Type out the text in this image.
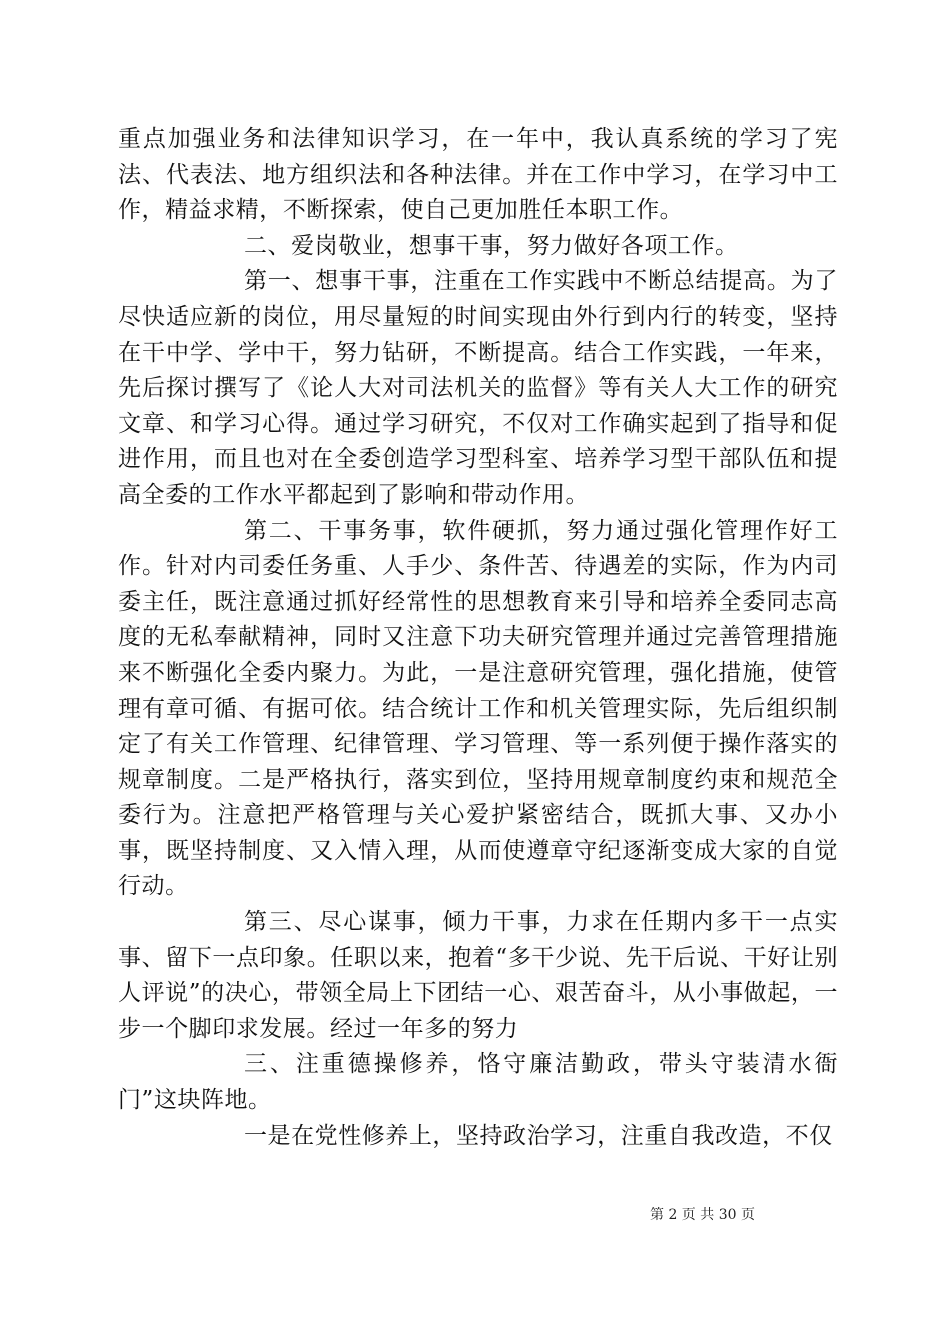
重点加强业务和法律知识学习，在一年中，我认真系统的学习了宪法、代表法、地方组织法和各种法律。并在工作中学习，在学习中工作，精益求精，不断探索，使自己更加胜任本职工作。

二、爱岗敬业，想事干事，努力做好各项工作。

第一、想事干事，注重在工作实践中不断总结提高。为了尽快适应新的岗位，用尽量短的时间实现由外行到内行的转变，坚持在干中学、学中干，努力钻研，不断提高。结合工作实践，一年来，先后探讨撰写了《论人大对司法机关的监督》等有关人大工作的研究文章、和学习心得。通过学习研究，不仅对工作确实起到了指导和促进作用，而且也对在全委创造学习型科室、培养学习型干部队伍和提高全委的工作水平都起到了影响和带动作用。

第二、干事务事，软件硬抓，努力通过强化管理作好工作。针对内司委任务重、人手少、条件苦、待遇差的实际，作为内司委主任，既注意通过抓好经常性的思想教育来引导和培养全委同志高度的无私奉献精神，同时又注意下功夫研究管理并通过完善管理措施来不断强化全委内聚力。为此，一是注意研究管理，强化措施，使管理有章可循、有据可依。结合统计工作和机关管理实际，先后组织制定了有关工作管理、纪律管理、学习管理、等一系列便于操作落实的规章制度。二是严格执行，落实到位，坚持用规章制度约束和规范全委行为。注意把严格管理与关心爱护紧密结合，既抓大事、又办小事，既坚持制度、又入情入理，从而使遵章守纪逐渐变成大家的自觉行动。

第三、尽心谋事，倾力干事，力求在任期内多干一点实事、留下一点印象。任职以来，抱着“多干少说、先干后说、干好让别人评说”的决心，带领全局上下团结一心、艰苦奋斗，从小事做起，一步一个脚印求发展。经过一年多的努力

三、注重德操修养，恪守廉洁勤政，带头守装清水衙门”这块阵地。

一是在党性修养上，坚持政治学习，注重自我改造，不仅

第 2 页 共 30 页
